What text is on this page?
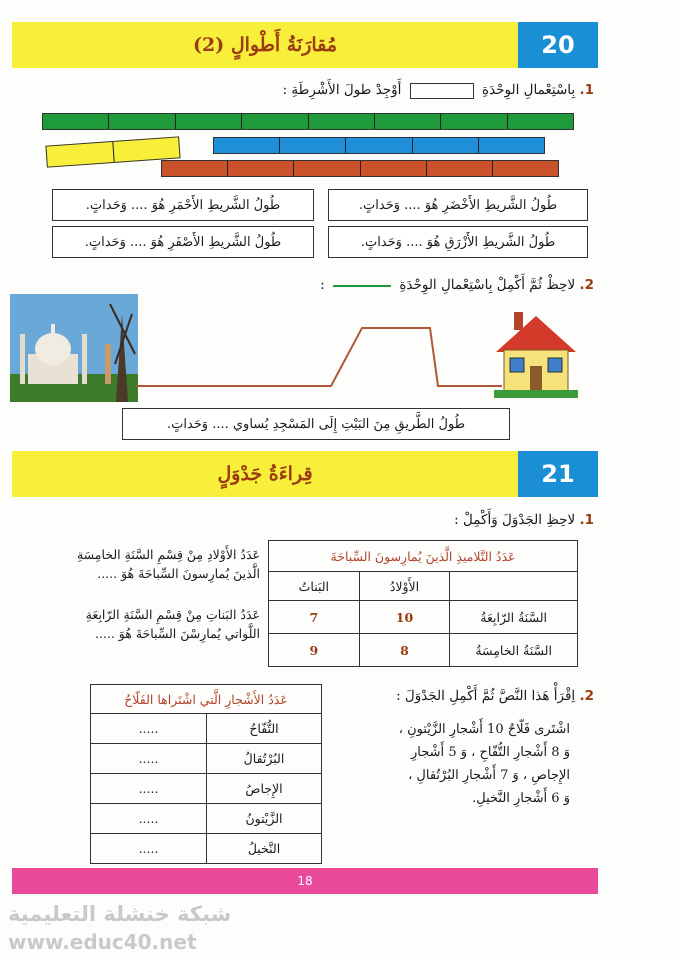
مُقارَنَةُ أَطْوالٍ (2)	20
1. بِاسْتِعْمالِ الوِحْدَةِ  أَوْجِدْ طولَ الأَشْرِطَةِ :
طُولُ الشَّريطِ الأَخْضَرِ هُوَ .... وَحَداتٍ.
طُولُ الشَّريطِ الأَحْمَرِ هُوَ .... وَحَداتٍ.
طُولُ الشَّريطِ الأَزْرَقِ هُوَ .... وَحَداتٍ.
طُولُ الشَّريطِ الأَصْفَرِ هُوَ .... وَحَداتٍ.
2. لاحِظْ ثُمَّ أَكْمِلْ بِاسْتِعْمالِ الوِحْدَةِ  :
طُولُ الطَّريقِ مِنَ البَيْتِ إِلَى المَسْجِدِ يُساوي .... وَحَداتٍ.
قِراءَةُ جَدْوَلٍ	21
1. لاحِظِ الجَدْوَلَ وَأَكْمِلْ :
عَدَدُ التَّلاميذِ الَّذينَ يُمارِسونَ السِّباحَةَ		
	الأَوْلادُ	البَناتُ
السَّنَةُ الرّابِعَةُ	10	7
السَّنَةُ الخامِسَةُ	8	9
عَدَدُ الأَوْلادِ مِنْ قِسْمِ السَّنَةِ الخامِسَةِ
الَّذينَ يُمارِسونَ السِّباحَةَ هُوَ .....
عَدَدُ البَناتِ مِنْ قِسْمِ السَّنَةِ الرّابِعَةِ
اللَّواتي يُمارِسْنَ السِّباحَةَ هُوَ .....
2. اِقْرَأْ هَذا النَّصَّ ثُمَّ أَكْمِلِ الجَدْوَلَ :
اشْتَرى فَلّاحٌ 10 أَشْجارِ الزَّيْتونِ ،
وَ 8 أَشْجارِ التُّفّاحِ ، وَ 5 أَشْجارِ
الإِجاصِ ، وَ 7 أَشْجارِ البُرْتُقالِ ،
وَ 6 أَشْجارِ النَّخيلِ.
عَدَدُ الأَشْجارِ الَّتي اشْتَراها الفَلّاحُ	
التُّفّاحُ	.....
البُرْتُقالُ	.....
الإِجاصُ	.....
الزَّيْتونُ	.....
النَّخيلُ	.....
18
شبكة خنشلة التعليمية
www.educ40.net
